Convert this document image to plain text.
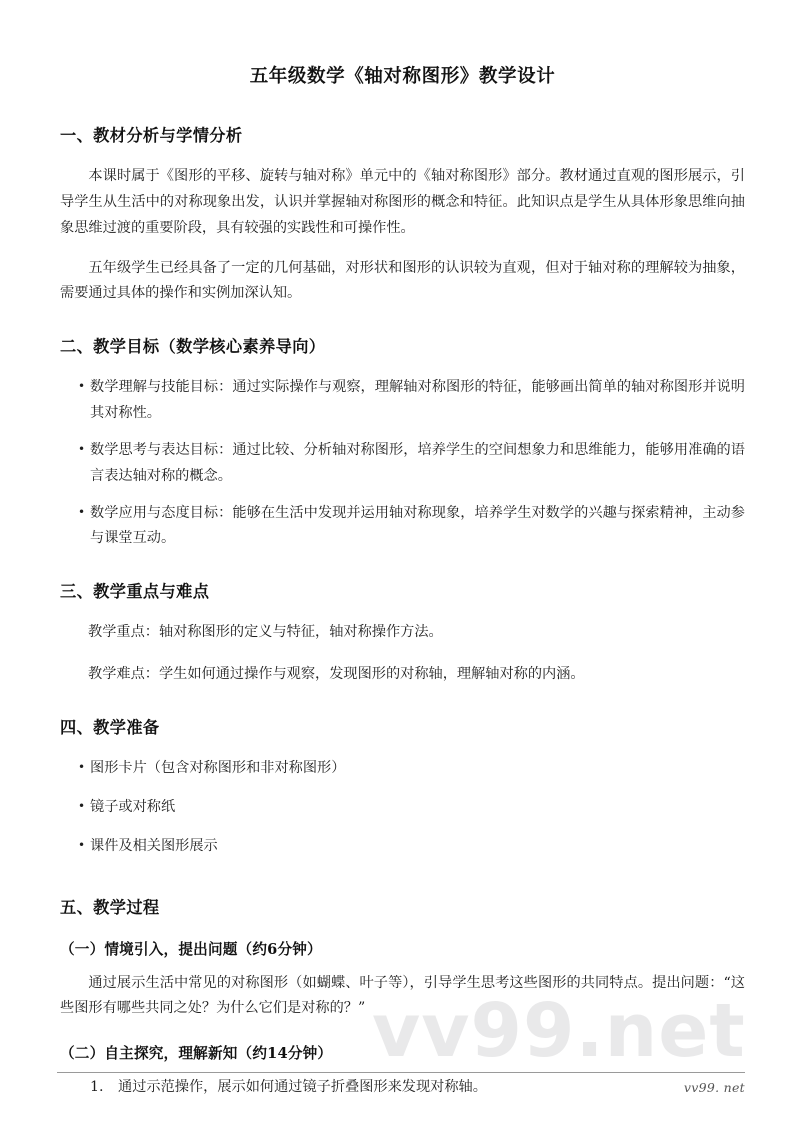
vv99.net
五年级数学《轴对称图形》教学设计
一、教材分析与学情分析

本课时属于《图形的平移、旋转与轴对称》单元中的《轴对称图形》部分。教材通过直观的图形展示，引导学生从生活中的对称现象出发，认识并掌握轴对称图形的概念和特征。此知识点是学生从具体形象思维向抽象思维过渡的重要阶段，具有较强的实践性和可操作性。

五年级学生已经具备了一定的几何基础，对形状和图形的认识较为直观，但对于轴对称的理解较为抽象，需要通过具体的操作和实例加深认知。

二、教学目标（数学核心素养导向）
• 数学理解与技能目标：通过实际操作与观察，理解轴对称图形的特征，能够画出简单的轴对称图形并说明其对称性。
• 数学思考与表达目标：通过比较、分析轴对称图形，培养学生的空间想象力和思维能力，能够用准确的语言表达轴对称的概念。
• 数学应用与态度目标：能够在生活中发现并运用轴对称现象，培养学生对数学的兴趣与探索精神，主动参与课堂互动。
三、教学重点与难点

教学重点：轴对称图形的定义与特征，轴对称操作方法。

教学难点：学生如何通过操作与观察，发现图形的对称轴，理解轴对称的内涵。

四、教学准备
• 图形卡片（包含对称图形和非对称图形）
• 镜子或对称纸
• 课件及相关图形展示
五、教学过程
（一）情境引入，提出问题（约6分钟）

通过展示生活中常见的对称图形（如蝴蝶、叶子等），引导学生思考这些图形的共同特点。提出问题：“这些图形有哪些共同之处？为什么它们是对称的？”

（二）自主探究，理解新知（约14分钟）
1. 通过示范操作，展示如何通过镜子折叠图形来发现对称轴。	vv99. net
